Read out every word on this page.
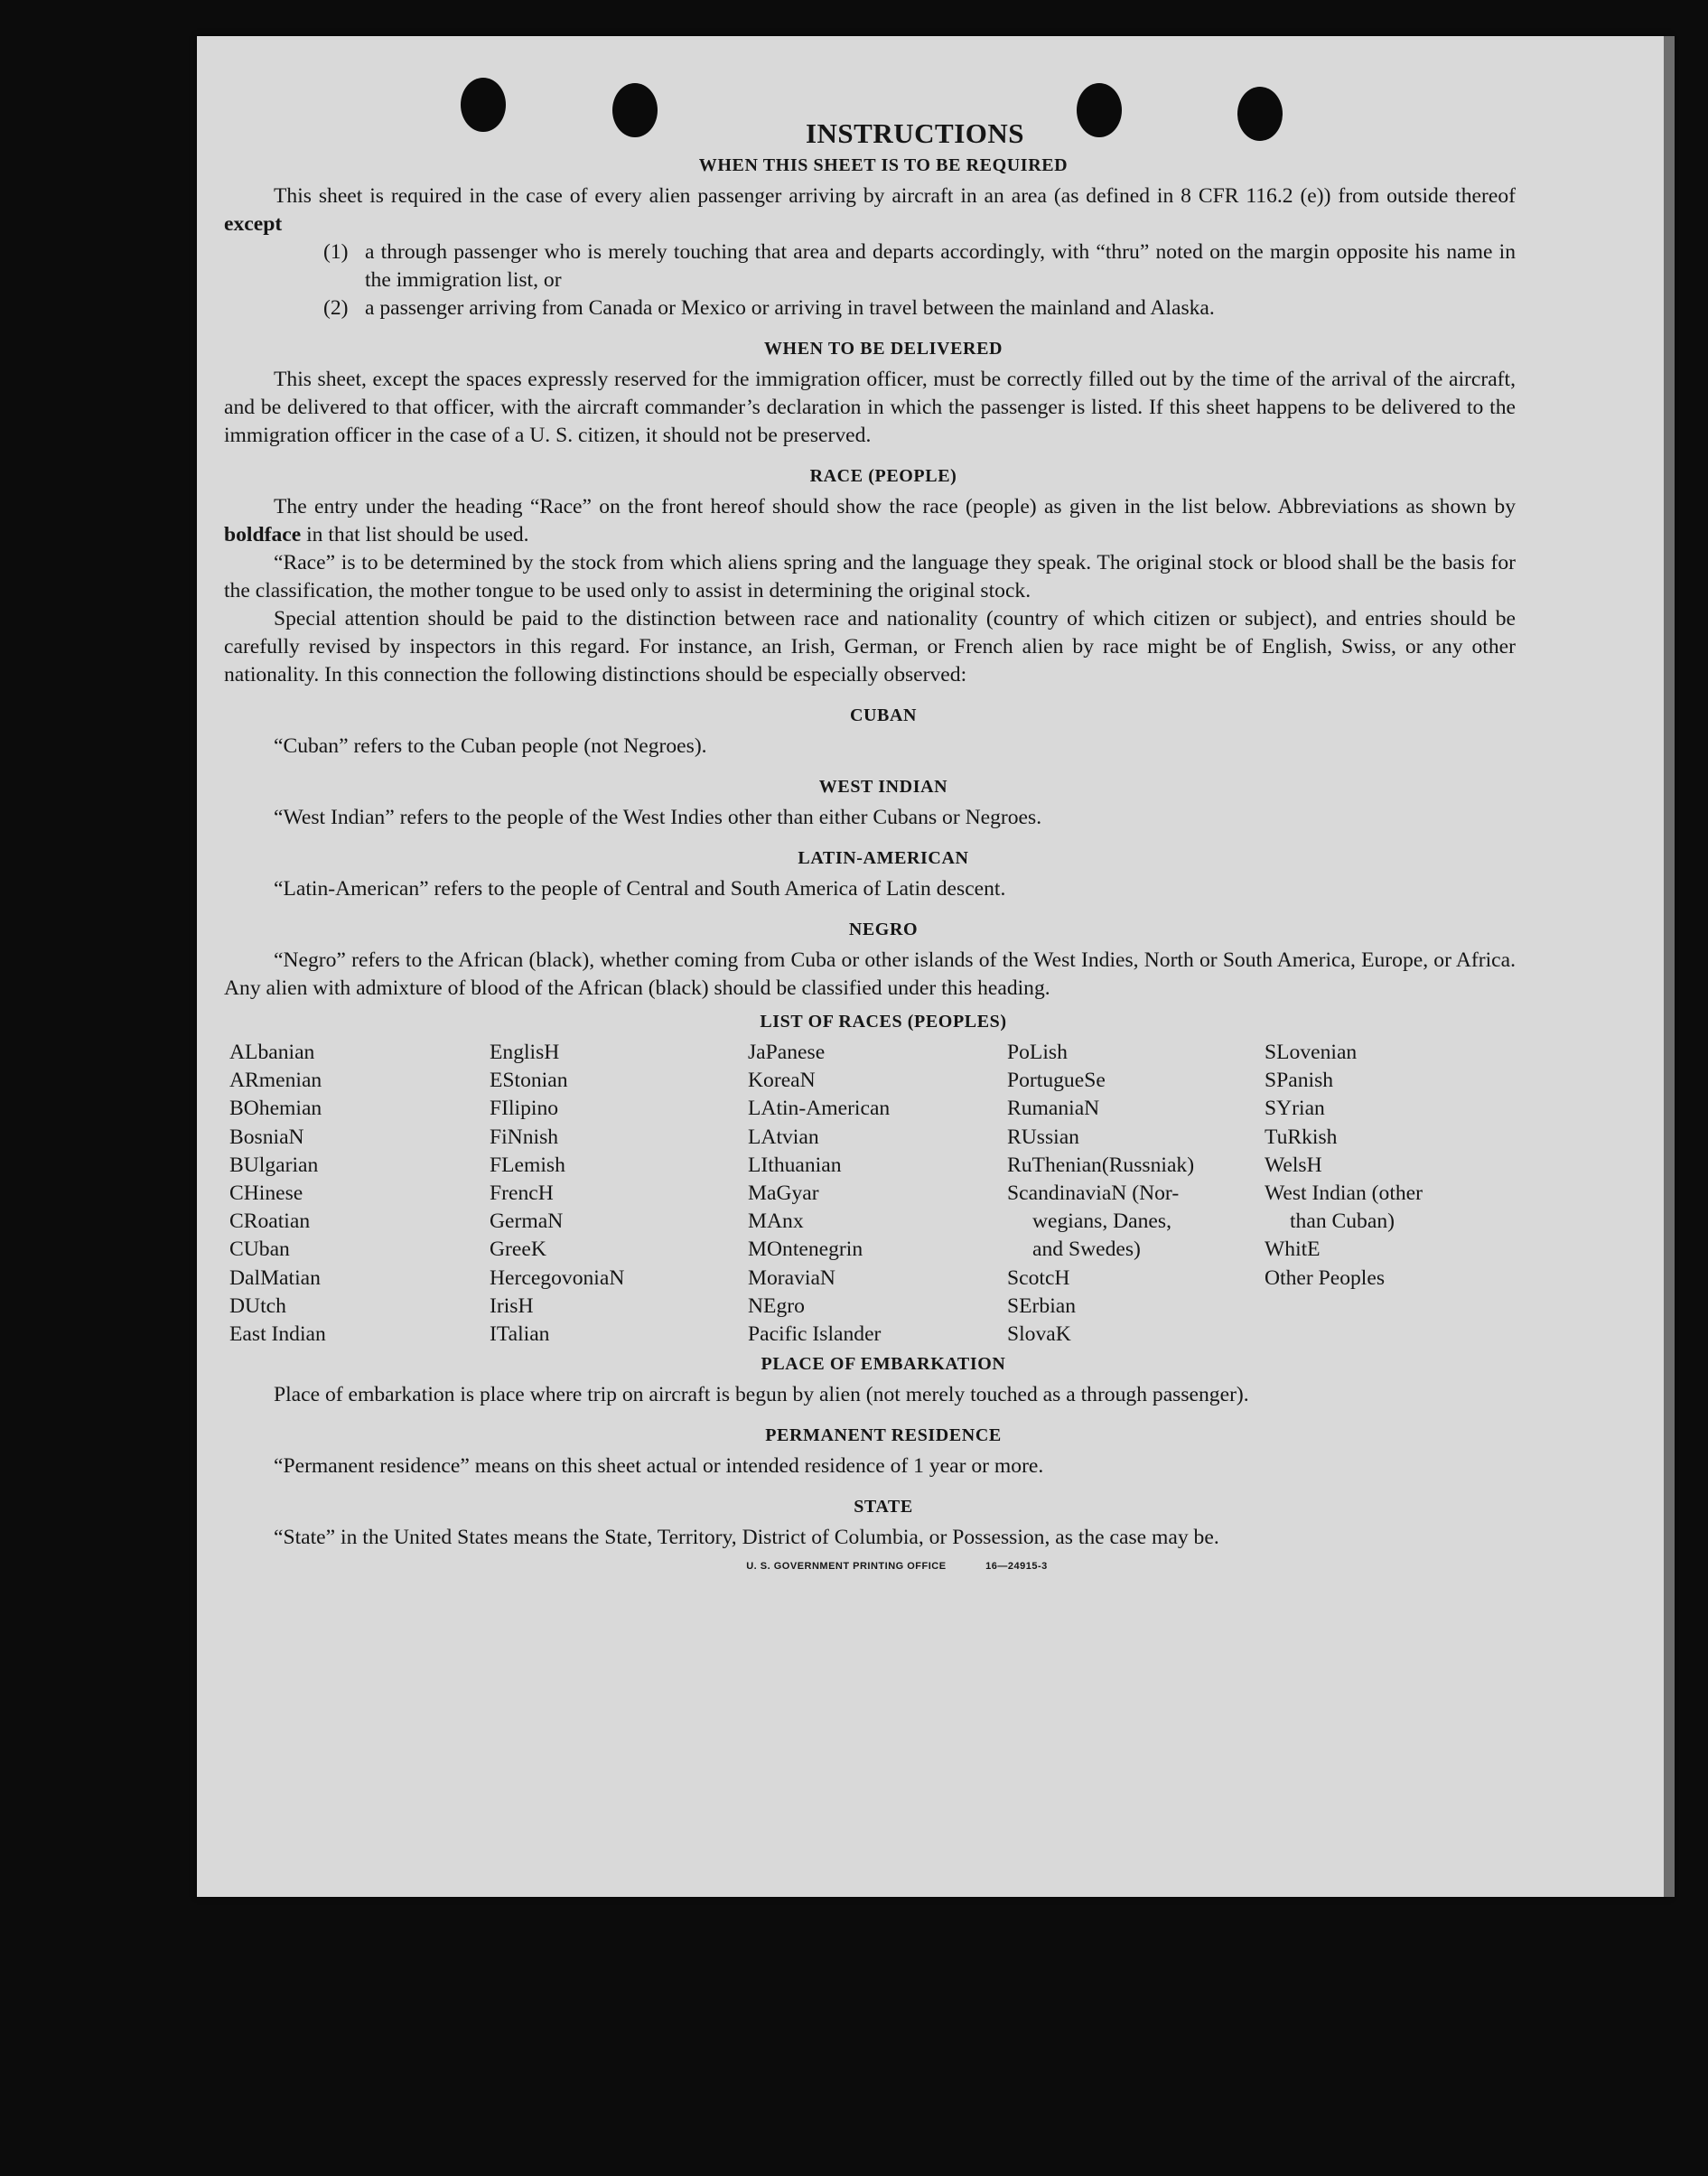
INSTRUCTIONS
WHEN THIS SHEET IS TO BE REQUIRED

This sheet is required in the case of every alien passenger arriving by aircraft in an area (as defined in 8 CFR 116.2 (e)) from outside thereof except

(1) a through passenger who is merely touching that area and departs accordingly, with “thru” noted on the margin opposite his name in the immigration list, or
(2) a passenger arriving from Canada or Mexico or arriving in travel between the mainland and Alaska.
WHEN TO BE DELIVERED

This sheet, except the spaces expressly reserved for the immigration officer, must be correctly filled out by the time of the arrival of the aircraft, and be delivered to that officer, with the aircraft commander’s declaration in which the passenger is listed. If this sheet happens to be delivered to the immigration officer in the case of a U. S. citizen, it should not be preserved.

RACE (PEOPLE)

The entry under the heading “Race” on the front hereof should show the race (people) as given in the list below. Abbreviations as shown by boldface in that list should be used.

“Race” is to be determined by the stock from which aliens spring and the language they speak. The original stock or blood shall be the basis for the classification, the mother tongue to be used only to assist in determining the original stock.

Special attention should be paid to the distinction between race and nationality (country of which citizen or subject), and entries should be carefully revised by inspectors in this regard. For instance, an Irish, German, or French alien by race might be of English, Swiss, or any other nationality. In this connection the following distinctions should be especially observed:

CUBAN

“Cuban” refers to the Cuban people (not Negroes).

WEST INDIAN

“West Indian” refers to the people of the West Indies other than either Cubans or Negroes.

LATIN-AMERICAN

“Latin-American” refers to the people of Central and South America of Latin descent.

NEGRO

“Negro” refers to the African (black), whether coming from Cuba or other islands of the West Indies, North or South America, Europe, or Africa. Any alien with admixture of blood of the African (black) should be classified under this heading.

LIST OF RACES (PEOPLES)
ALbanian
ARmenian
BOhemian
BosniaN
BUlgarian
CHinese
CRoatian
CUban
DalMatian
DUtch
East Indian
EnglisH
EStonian
FIlipino
FiNnish
FLemish
FrencH
GermaN
GreeK
HercegovoniaN
IrisH
ITalian
JaPanese
KoreaN
LAtin-American
LAtvian
LIthuanian
MaGyar
MAnx
MOntenegrin
MoraviaN
NEgro
Pacific Islander
PoLish
PortugueSe
RumaniaN
RUssian
RuThenian(Russniak)
ScandinaviaN (Nor-
wegians, Danes,
and Swedes)
ScotcH
SErbian
SlovaK
SLovenian
SPanish
SYrian
TuRkish
WelsH
West Indian (other
than Cuban)
WhitE
Other Peoples
PLACE OF EMBARKATION

Place of embarkation is place where trip on aircraft is begun by alien (not merely touched as a through passenger).

PERMANENT RESIDENCE

“Permanent residence” means on this sheet actual or intended residence of 1 year or more.

STATE

“State” in the United States means the State, Territory, District of Columbia, or Possession, as the case may be.

U. S. GOVERNMENT PRINTING OFFICE	16—24915-3
